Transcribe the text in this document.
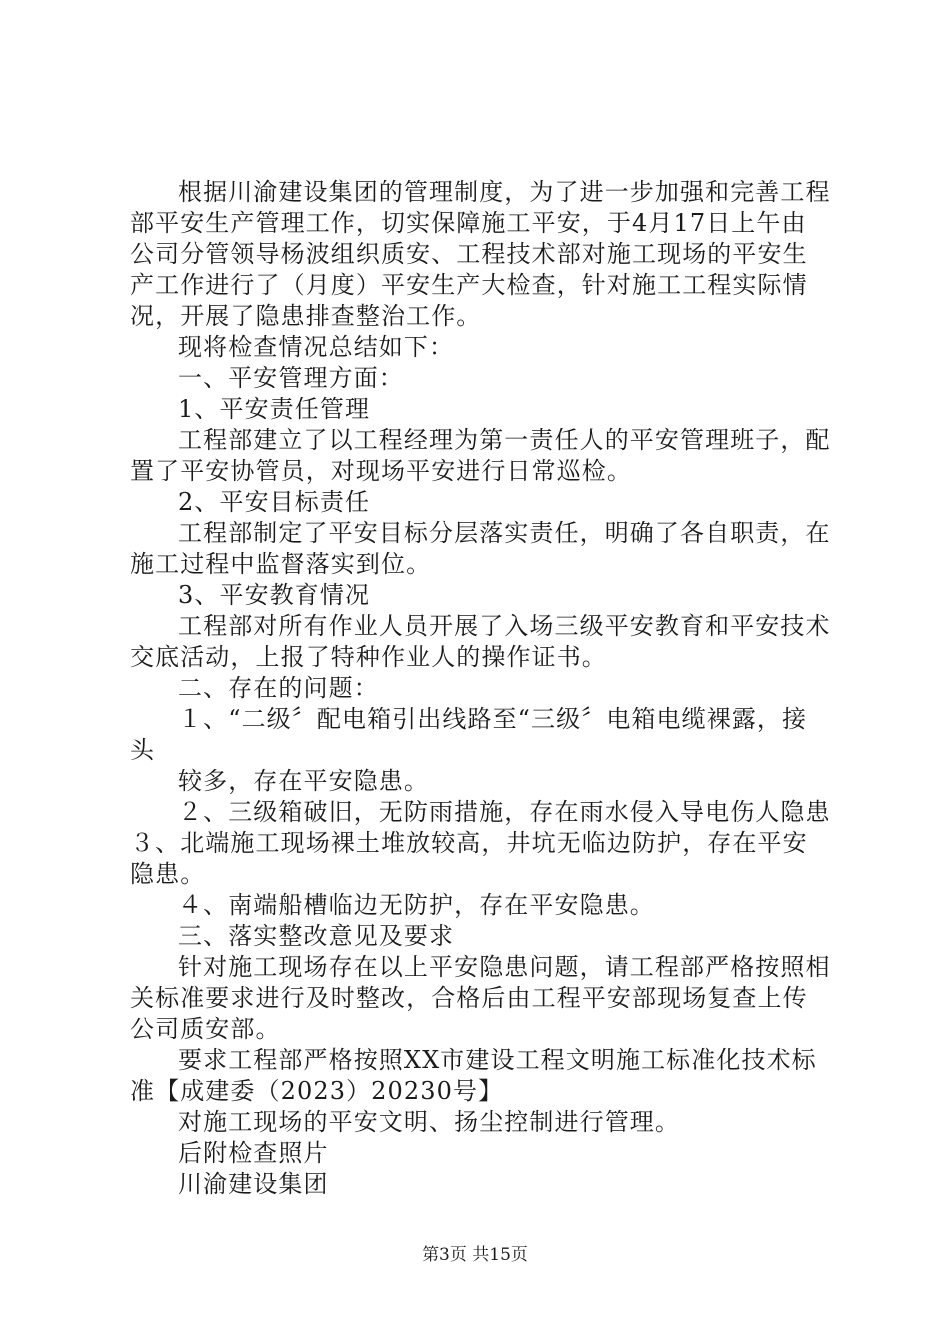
根据川渝建设集团的管理制度，为了进一步加强和完善工程

部平安生产管理工作，切实保障施工平安，于4月17日上午由

公司分管领导杨波组织质安、工程技术部对施工现场的平安生

产工作进行了（月度）平安生产大检查，针对施工工程实际情

况，开展了隐患排查整治工作。

现将检查情况总结如下：

一、平安管理方面：

1、平安责任管理

工程部建立了以工程经理为第一责任人的平安管理班子，配

置了平安协管员，对现场平安进行日常巡检。

2、平安目标责任

工程部制定了平安目标分层落实责任，明确了各自职责，在

施工过程中监督落实到位。

3、平安教育情况

工程部对所有作业人员开展了入场三级平安教育和平安技术

交底活动，上报了特种作业人的操作证书。

二、存在的问题：

１、“二级〞配电箱引出线路至“三级〞电箱电缆裸露，接

头

较多，存在平安隐患。

２、三级箱破旧，无防雨措施，存在雨水侵入导电伤人隐患

３、北端施工现场裸土堆放较高，井坑无临边防护，存在平安

隐患。

４、南端船槽临边无防护，存在平安隐患。

三、落实整改意见及要求

针对施工现场存在以上平安隐患问题，请工程部严格按照相

关标准要求进行及时整改，合格后由工程平安部现场复查上传

公司质安部。

要求工程部严格按照XX市建设工程文明施工标准化技术标

准【成建委（2023）20230号】

对施工现场的平安文明、扬尘控制进行管理。

后附检查照片

川渝建设集团

第3页 共15页
